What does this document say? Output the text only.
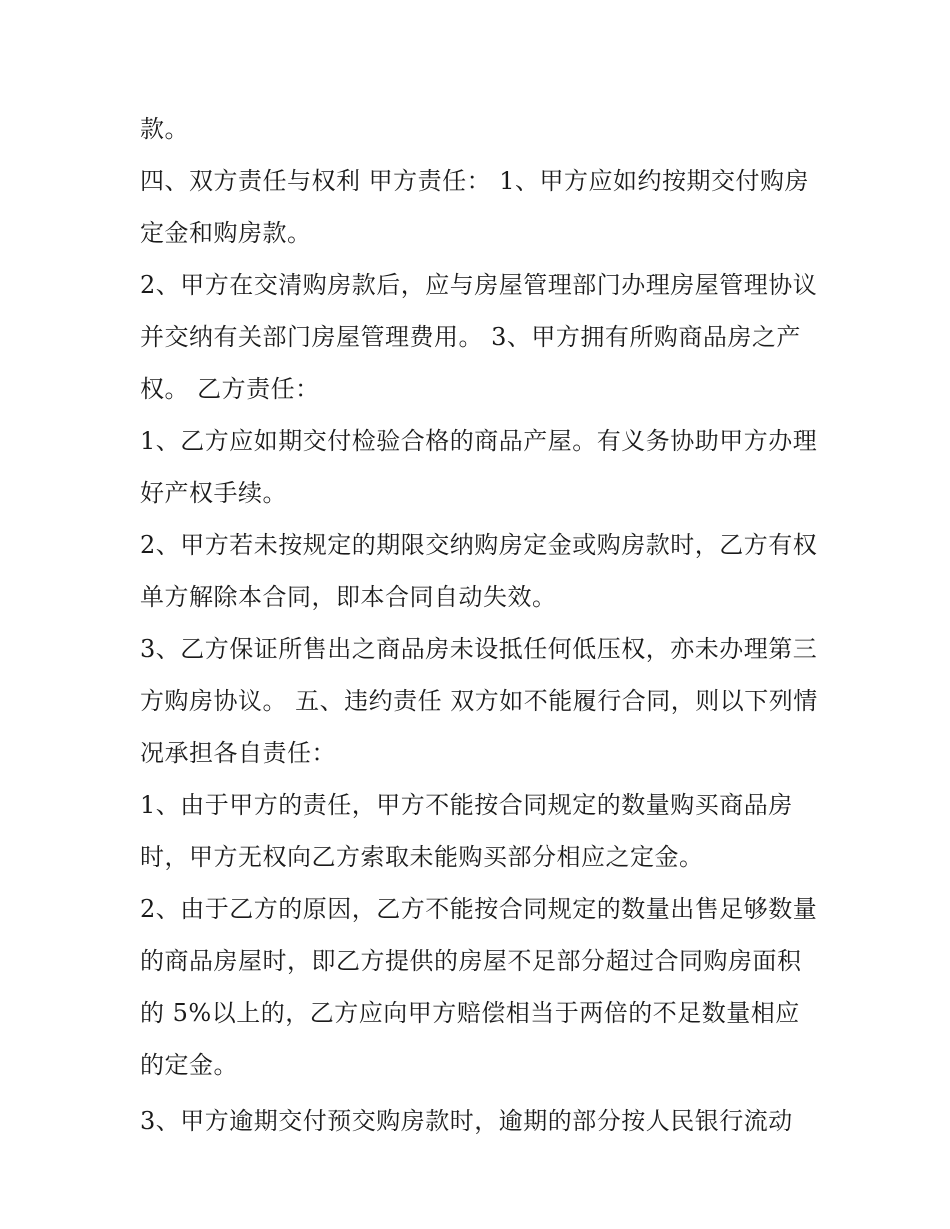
款。

四、双方责任与权利 甲方责任： 1、甲方应如约按期交付购房定金和购房款。

2、甲方在交清购房款后，应与房屋管理部门办理房屋管理协议并交纳有关部门房屋管理费用。 3、甲方拥有所购商品房之产权。 乙方责任：

1、乙方应如期交付检验合格的商品产屋。有义务协助甲方办理好产权手续。

2、甲方若未按规定的期限交纳购房定金或购房款时，乙方有权单方解除本合同，即本合同自动失效。

3、乙方保证所售出之商品房未设抵任何低压权，亦未办理第三方购房协议。 五、违约责任 双方如不能履行合同，则以下列情况承担各自责任：

1、由于甲方的责任，甲方不能按合同规定的数量购买商品房时，甲方无权向乙方索取未能购买部分相应之定金。

2、由于乙方的原因，乙方不能按合同规定的数量出售足够数量的商品房屋时，即乙方提供的房屋不足部分超过合同购房面积的 5%以上的，乙方应向甲方赔偿相当于两倍的不足数量相应的定金。

3、甲方逾期交付预交购房款时，逾期的部分按人民银行流动
